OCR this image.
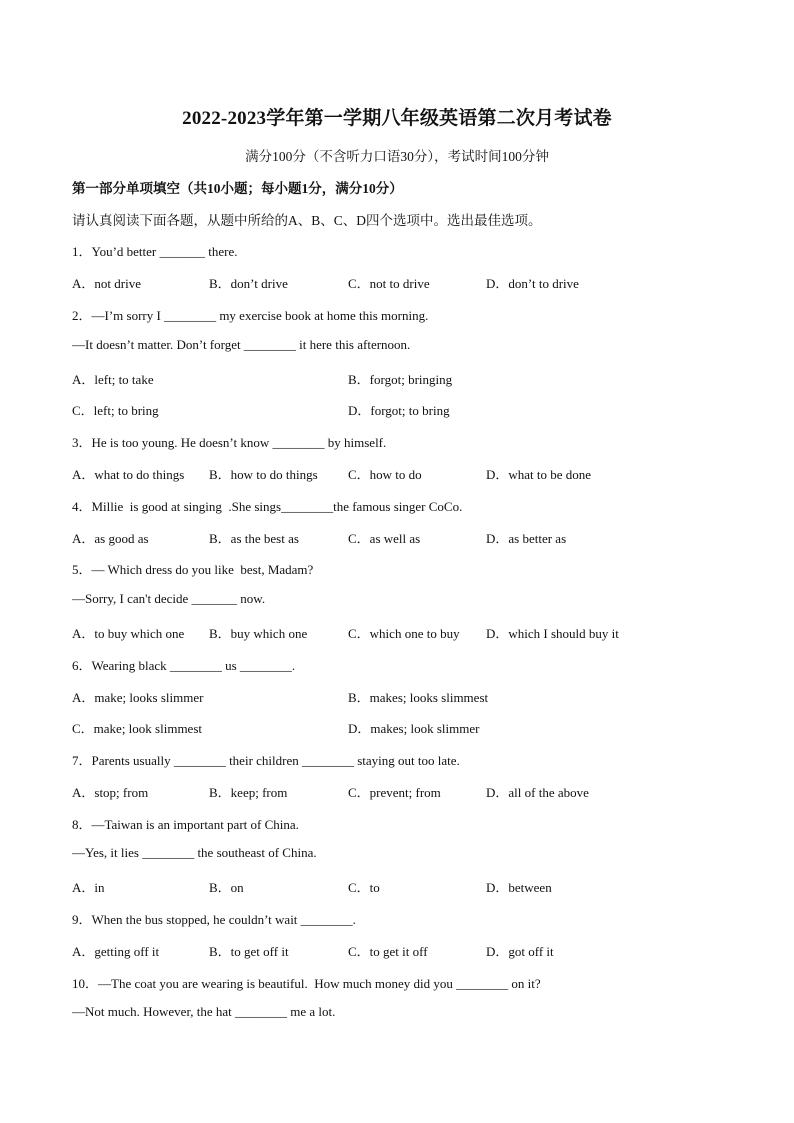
2022-2023学年第一学期八年级英语第二次月考试卷
满分100分（不含听力口语30分），考试时间100分钟
第一部分单项填空（共10小题；每小题1分，满分10分）
请认真阅读下面各题，从题中所给的A、B、C、D四个选项中。选出最佳选项。
1．You’d better _______ there.
A．not drive	B．don’t drive	C．not to drive	D．don’t to drive
2．—I’m sorry I ________ my exercise book at home this morning.
—It doesn’t matter. Don’t forget ________ it here this afternoon.
A．left; to take	B．forgot; bringing
C．left; to bring	D．forgot; to bring
3．He is too young. He doesn’t know ________ by himself.
A．what to do things B．how to do things C．how to do	D．what to be done
4．Millie  is good at singing  .She sings________the famous singer CoCo.
A．as good as	B．as the best as	C．as well as	D．as better as
5．— Which dress do you like  best, Madam?
—Sorry, I can't decide _______ now.
A．to buy which one B．buy which one	C．which one to buy D．which I should buy it
6．Wearing black ________ us ________.
A．make; looks slimmer	B．makes; looks slimmest
C．make; look slimmest	D．makes; look slimmer
7．Parents usually ________ their children ________ staying out too late.
A．stop; from	B．keep; from	C．prevent; from	D．all of the above
8．—Taiwan is an important part of China.
—Yes, it lies ________ the southeast of China.
A．in	B．on	C．to	D．between
9．When the bus stopped, he couldn’t wait ________.
A．getting off it	B．to get off it	C．to get it off	D．got off it
10．—The coat you are wearing is beautiful.  How much money did you ________ on it?
—Not much. However, the hat ________ me a lot.
